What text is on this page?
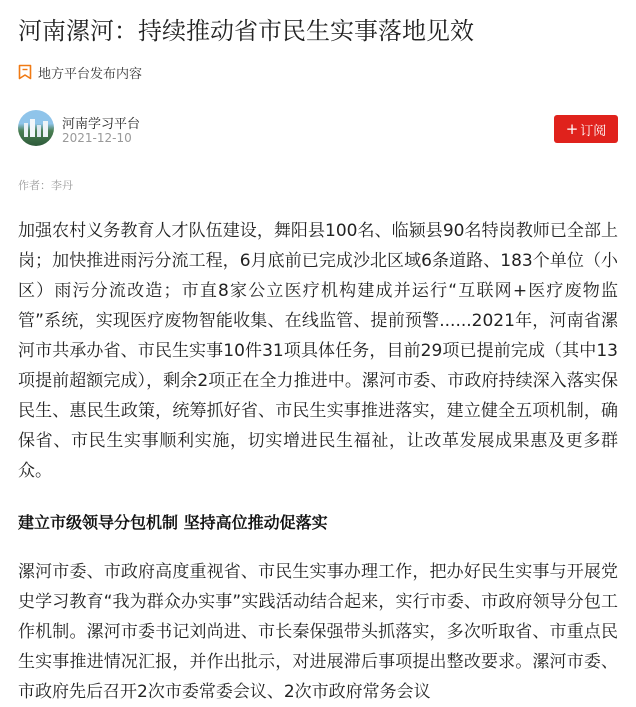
河南漯河：持续推动省市民生实事落地见效
地方平台发布内容
河南学习平台
2021-12-10
+ 订阅
作者：李丹

加强农村义务教育人才队伍建设，舞阳县100名、临颍县90名特岗教师已全部上岗；加快推进雨污分流工程，6月底前已完成沙北区域6条道路、183个单位（小区）雨污分流改造；市直8家公立医疗机构建成并运行“互联网+医疗废物监管”系统，实现医疗废物智能收集、在线监管、提前预警......2021年，河南省漯河市共承办省、市民生实事10件31项具体任务，目前29项已提前完成（其中13项提前超额完成），剩余2项正在全力推进中。漯河市委、市政府持续深入落实保民生、惠民生政策，统筹抓好省、市民生实事推进落实，建立健全五项机制，确保省、市民生实事顺利实施，切实增进民生福祉，让改革发展成果惠及更多群众。

建立市级领导分包机制 坚持高位推动促落实

漯河市委、市政府高度重视省、市民生实事办理工作，把办好民生实事与开展党史学习教育“我为群众办实事”实践活动结合起来，实行市委、市政府领导分包工作机制。漯河市委书记刘尚进、市长秦保强带头抓落实，多次听取省、市重点民生实事推进情况汇报，并作出批示，对进展滞后事项提出整改要求。漯河市委、市政府先后召开2次市委常委会议、2次市政府常务会议
